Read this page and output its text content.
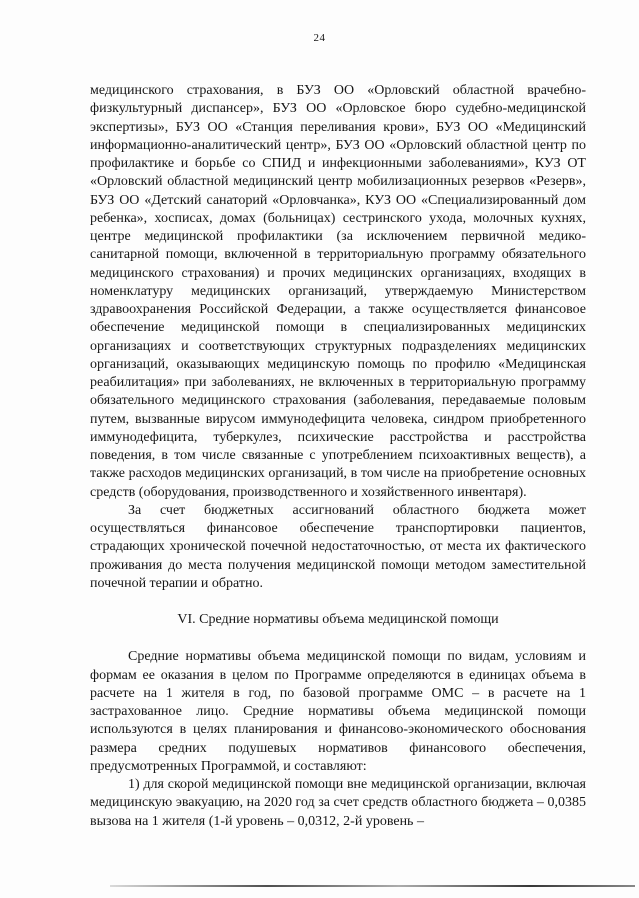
24

медицинского страхования, в БУЗ ОО «Орловский областной врачебно-физкультурный диспансер», БУЗ ОО «Орловское бюро судебно-медицинской экспертизы», БУЗ ОО «Станция переливания крови», БУЗ ОО «Медицинский информационно-аналитический центр», БУЗ ОО «Орловский областной центр по профилактике и борьбе со СПИД и инфекционными заболеваниями», КУЗ ОТ «Орловский областной медицинский центр мобилизационных резервов «Резерв», БУЗ ОО «Детский санаторий «Орловчанка», КУЗ ОО «Специализированный дом ребенка», хосписах, домах (больницах) сестринского ухода, молочных кухнях, центре медицинской профилактики (за исключением первичной медико-санитарной помощи, включенной в территориальную программу обязательного медицинского страхования) и прочих медицинских организациях, входящих в номенклатуру медицинских организаций, утверждаемую Министерством здравоохранения Российской Федерации, а также осуществляется финансовое обеспечение медицинской помощи в специализированных медицинских организациях и соответствующих структурных подразделениях медицинских организаций, оказывающих медицинскую помощь по профилю «Медицинская реабилитация» при заболеваниях, не включенных в территориальную программу обязательного медицинского страхования (заболевания, передаваемые половым путем, вызванные вирусом иммунодефицита человека, синдром приобретенного иммунодефицита, туберкулез, психические расстройства и расстройства поведения, в том числе связанные с употреблением психоактивных веществ), а также расходов медицинских организаций, в том числе на приобретение основных средств (оборудования, производственного и хозяйственного инвентаря).

За счет бюджетных ассигнований областного бюджета может осуществляться финансовое обеспечение транспортировки пациентов, страдающих хронической почечной недостаточностью, от места их фактического проживания до места получения медицинской помощи методом заместительной почечной терапии и обратно.

VI. Средние нормативы объема медицинской помощи

Средние нормативы объема медицинской помощи по видам, условиям и формам ее оказания в целом по Программе определяются в единицах объема в расчете на 1 жителя в год, по базовой программе ОМС – в расчете на 1 застрахованное лицо. Средние нормативы объема медицинской помощи используются в целях планирования и финансово-экономического обоснования размера средних подушевых нормативов финансового обеспечения, предусмотренных Программой, и составляют:

1) для скорой медицинской помощи вне медицинской организации, включая медицинскую эвакуацию, на 2020 год за счет средств областного бюджета – 0,0385 вызова на 1 жителя (1-й уровень – 0,0312, 2-й уровень –
